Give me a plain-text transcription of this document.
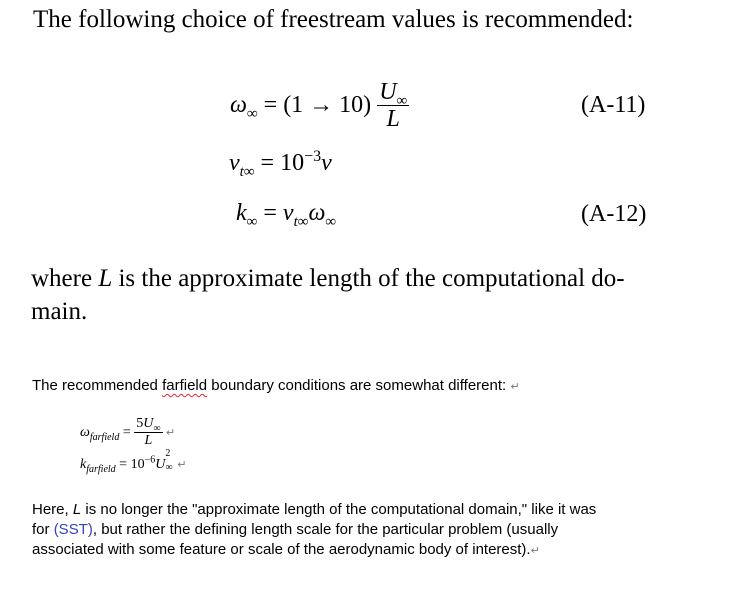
The following choice of freestream values is recommended:
$\omega_\infty = (1 \to 10) \frac{U_\infty}{L}$	(A-11)
$\nu_{t\infty} = 10^{-3}\nu$
$k_\infty = \nu_{t\infty}\omega_\infty$	(A-12)
where L is the approximate length of the computational do-
main.
The recommended farfield boundary conditions are somewhat different: ↵
$\omega_{farfield} = \frac{5U_\infty}{L}$ ↵
$k_{farfield} = 10^{-6}U$
2
∞ ↵
Here, L is no longer the "approximate length of the computational domain," like it was for (SST), but rather the defining length scale for the particular problem (usually associated with some feature or scale of the aerodynamic body of interest).↵
